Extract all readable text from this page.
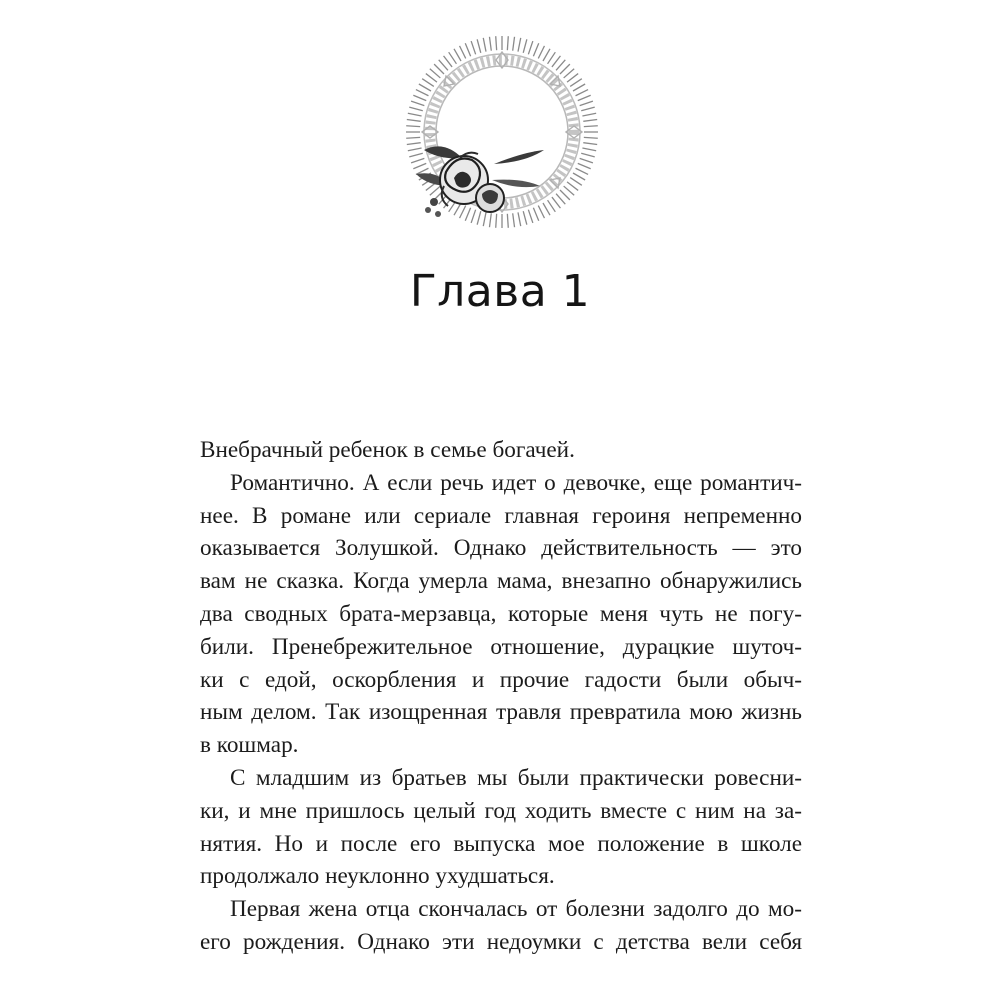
Глава 1
Внебрачный ребенок в семье богачей.
Романтично. А если речь идет о девочке, еще романтич-
нее. В романе или сериале главная героиня непременно
оказывается Золушкой. Однако действительность — это
вам не сказка. Когда умерла мама, внезапно обнаружились
два сводных брата-мерзавца, которые меня чуть не погу-
били. Пренебрежительное отношение, дурацкие шуточ-
ки с едой, оскорбления и прочие гадости были обыч-
ным делом. Так изощренная травля превратила мою жизнь
в кошмар.
С младшим из братьев мы были практически ровесни-
ки, и мне пришлось целый год ходить вместе с ним на за-
нятия. Но и после его выпуска мое положение в школе
продолжало неуклонно ухудшаться.
Первая жена отца скончалась от болезни задолго до мо-
его рождения. Однако эти недоумки с детства вели себя
